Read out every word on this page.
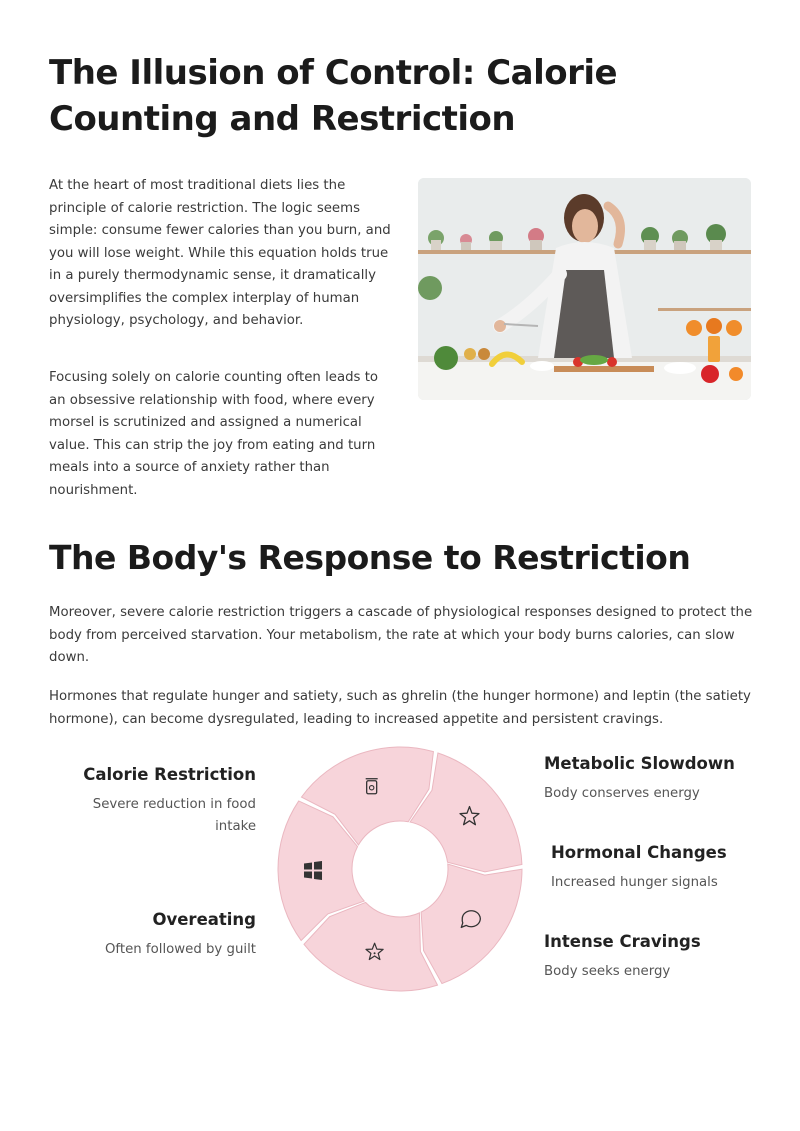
The Illusion of Control: Calorie Counting and Restriction

At the heart of most traditional diets lies the principle of calorie restriction. The logic seems simple: consume fewer calories than you burn, and you will lose weight. While this equation holds true in a purely thermodynamic sense, it dramatically oversimplifies the complex interplay of human physiology, psychology, and behavior.

Focusing solely on calorie counting often leads to an obsessive relationship with food, where every morsel is scrutinized and assigned a numerical value. This can strip the joy from eating and turn meals into a source of anxiety rather than nourishment.

The Body's Response to Restriction

Moreover, severe calorie restriction triggers a cascade of physiological responses designed to protect the body from perceived starvation. Your metabolism, the rate at which your body burns calories, can slow down.

Hormones that regulate hunger and satiety, such as ghrelin (the hunger hormone) and leptin (the satiety hormone), can become dysregulated, leading to increased appetite and persistent cravings.

Calorie Restriction

Severe reduction in food intake

Metabolic Slowdown

Body conserves energy

Hormonal Changes

Increased hunger signals

Intense Cravings

Body seeks energy

Overeating

Often followed by guilt
